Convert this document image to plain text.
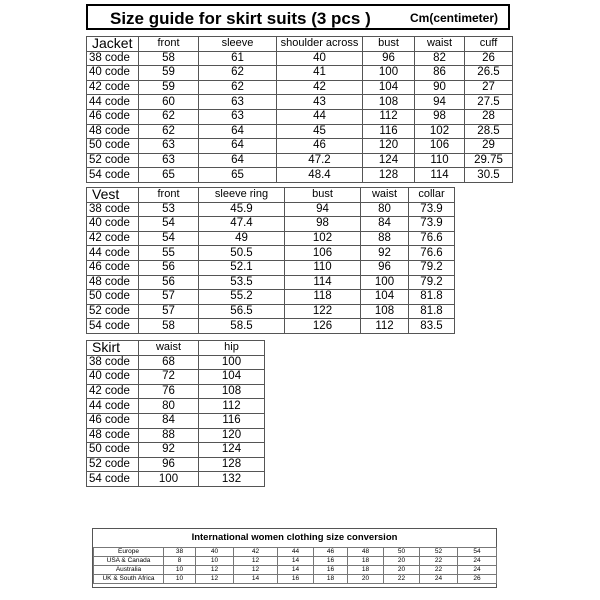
Size guide for skirt suits (3 pcs )	Cm(centimeter)
Jacket	front	sleeve	shoulder across	bust	waist	cuff
38 code	58	61	40	96	82	26
40 code	59	62	41	100	86	26.5
42 code	59	62	42	104	90	27
44 code	60	63	43	108	94	27.5
46 code	62	63	44	112	98	28
48 code	62	64	45	116	102	28.5
50 code	63	64	46	120	106	29
52 code	63	64	47.2	124	110	29.75
54 code	65	65	48.4	128	114	30.5
Vest	front	sleeve ring	bust	waist	collar
38 code	53	45.9	94	80	73.9
40 code	54	47.4	98	84	73.9
42 code	54	49	102	88	76.6
44 code	55	50.5	106	92	76.6
46 code	56	52.1	110	96	79.2
48 code	56	53.5	114	100	79.2
50 code	57	55.2	118	104	81.8
52 code	57	56.5	122	108	81.8
54 code	58	58.5	126	112	83.5
Skirt	waist	hip
38 code	68	100
40 code	72	104
42 code	76	108
44 code	80	112
46 code	84	116
48 code	88	120
50 code	92	124
52 code	96	128
54 code	100	132
International women clothing size conversion
Europe	38	40	42	44	46	48	50	52	54
USA & Canada	8	10	12	14	16	18	20	22	24
Australia	10	12	12	14	16	18	20	22	24
UK & South Africa	10	12	14	16	18	20	22	24	26
